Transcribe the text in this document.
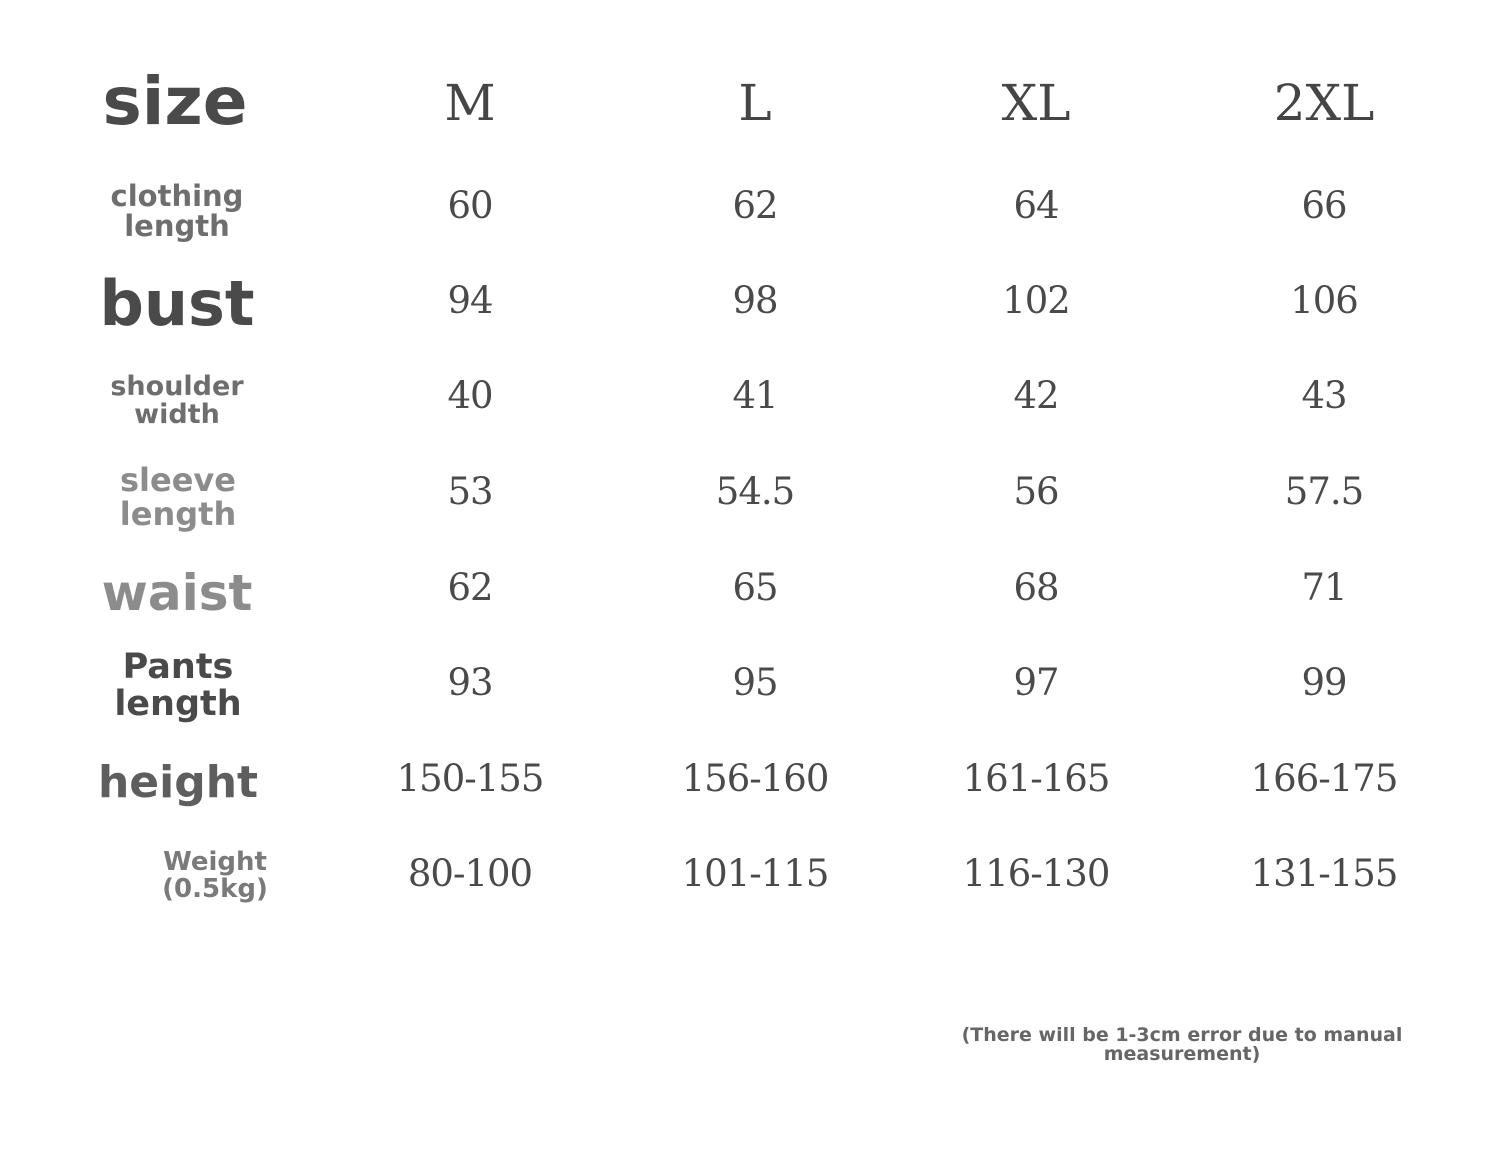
size	M	L	XL	2XL
clothing
length	60	62	64	66
bust	94	98	102	106
shoulder
width	40	41	42	43
sleeve
length
53	54.5	56	57.5
waist	62	65	68	71
Pants
length
93	95	97	99
height	150-155	156-160	161-165	166-175
Weight
(0.5kg)	80-100	101-115	116-130	131-155
(There will be 1-3cm error due to manual measurement)
